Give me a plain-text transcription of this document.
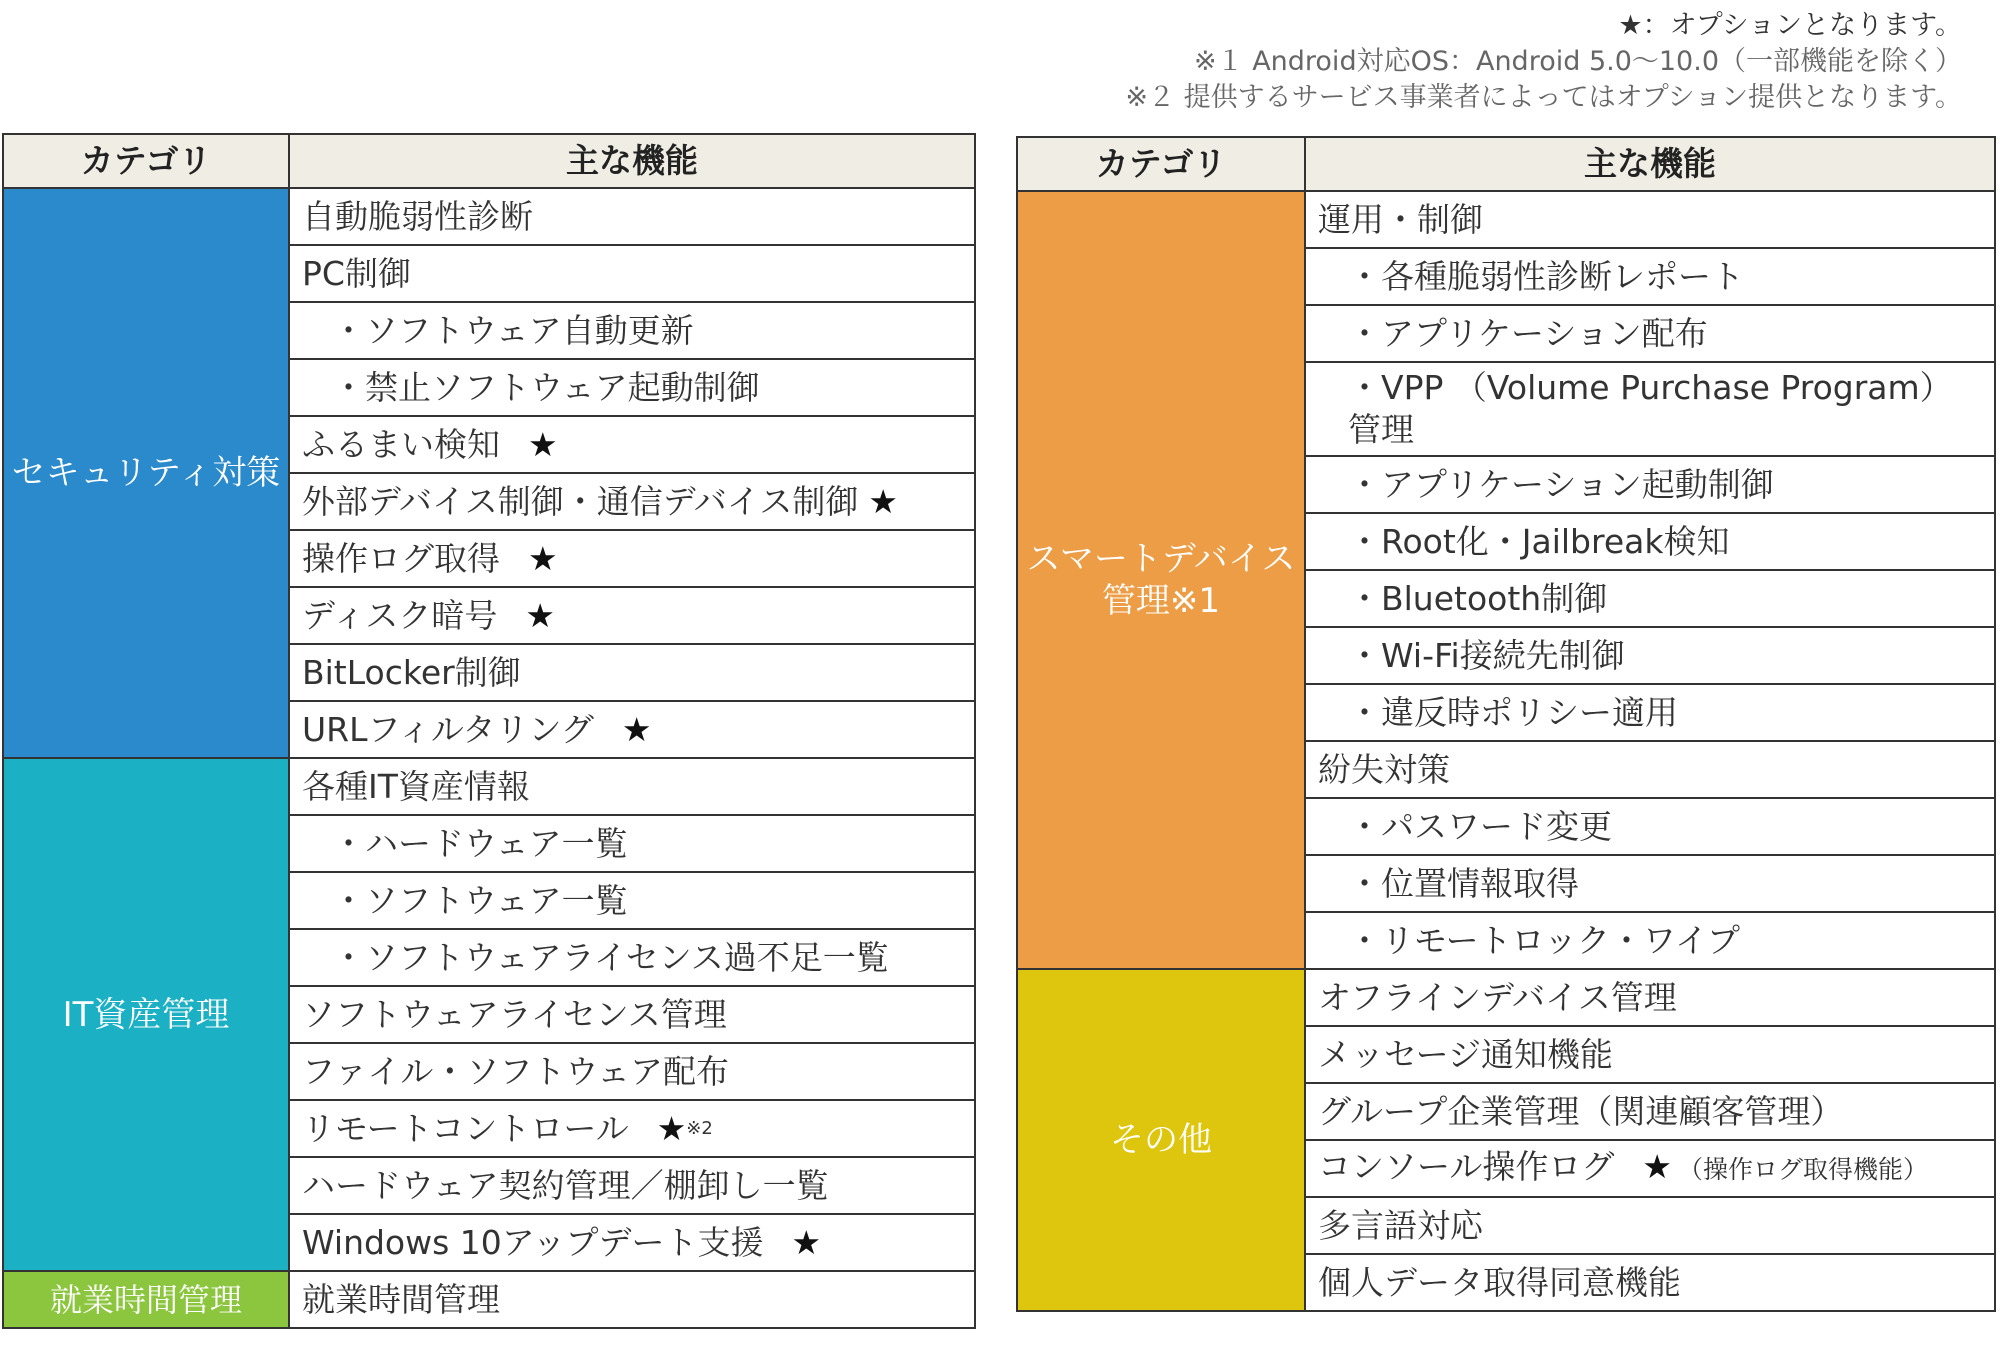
★：オプションとなります。
※１ Android対応OS：Android 5.0～10.0（一部機能を除く）
※２ 提供するサービス事業者によってはオプション提供となります。
カテゴリ	主な機能
セキュリティ対策	自動脆弱性診断
	PC制御
	・ソフトウェア自動更新
	・禁止ソフトウェア起動制御
	ふるまい検知 ★
	外部デバイス制御・通信デバイス制御 ★
	操作ログ取得 ★
	ディスク暗号 ★
	BitLocker制御
	URLフィルタリング ★
IT資産管理	各種IT資産情報
	・ハードウェア一覧
	・ソフトウェア一覧
	・ソフトウェアライセンス過不足一覧
	ソフトウェアライセンス管理
	ファイル・ソフトウェア配布
	リモートコントロール ★$^{※2}$
	ハードウェア契約管理／棚卸し一覧
	Windows 10アップデート支援 ★
就業時間管理	就業時間管理
カテゴリ	主な機能
スマートデバイス管理※1	運用・制御
	・各種脆弱性診断レポート
	・アプリケーション配布
	・VPP （Volume Purchase Program）管理
	・アプリケーション起動制御
	・Root化・Jailbreak検知
	・Bluetooth制御
	・Wi-Fi接続先制御
	・違反時ポリシー適用
	紛失対策
	・パスワード変更
	・位置情報取得
	・リモートロック・ワイプ
その他	オフラインデバイス管理
	メッセージ通知機能
	グループ企業管理（関連顧客管理）
	コンソール操作ログ ★ （操作ログ取得機能）
	多言語対応
	個人データ取得同意機能
